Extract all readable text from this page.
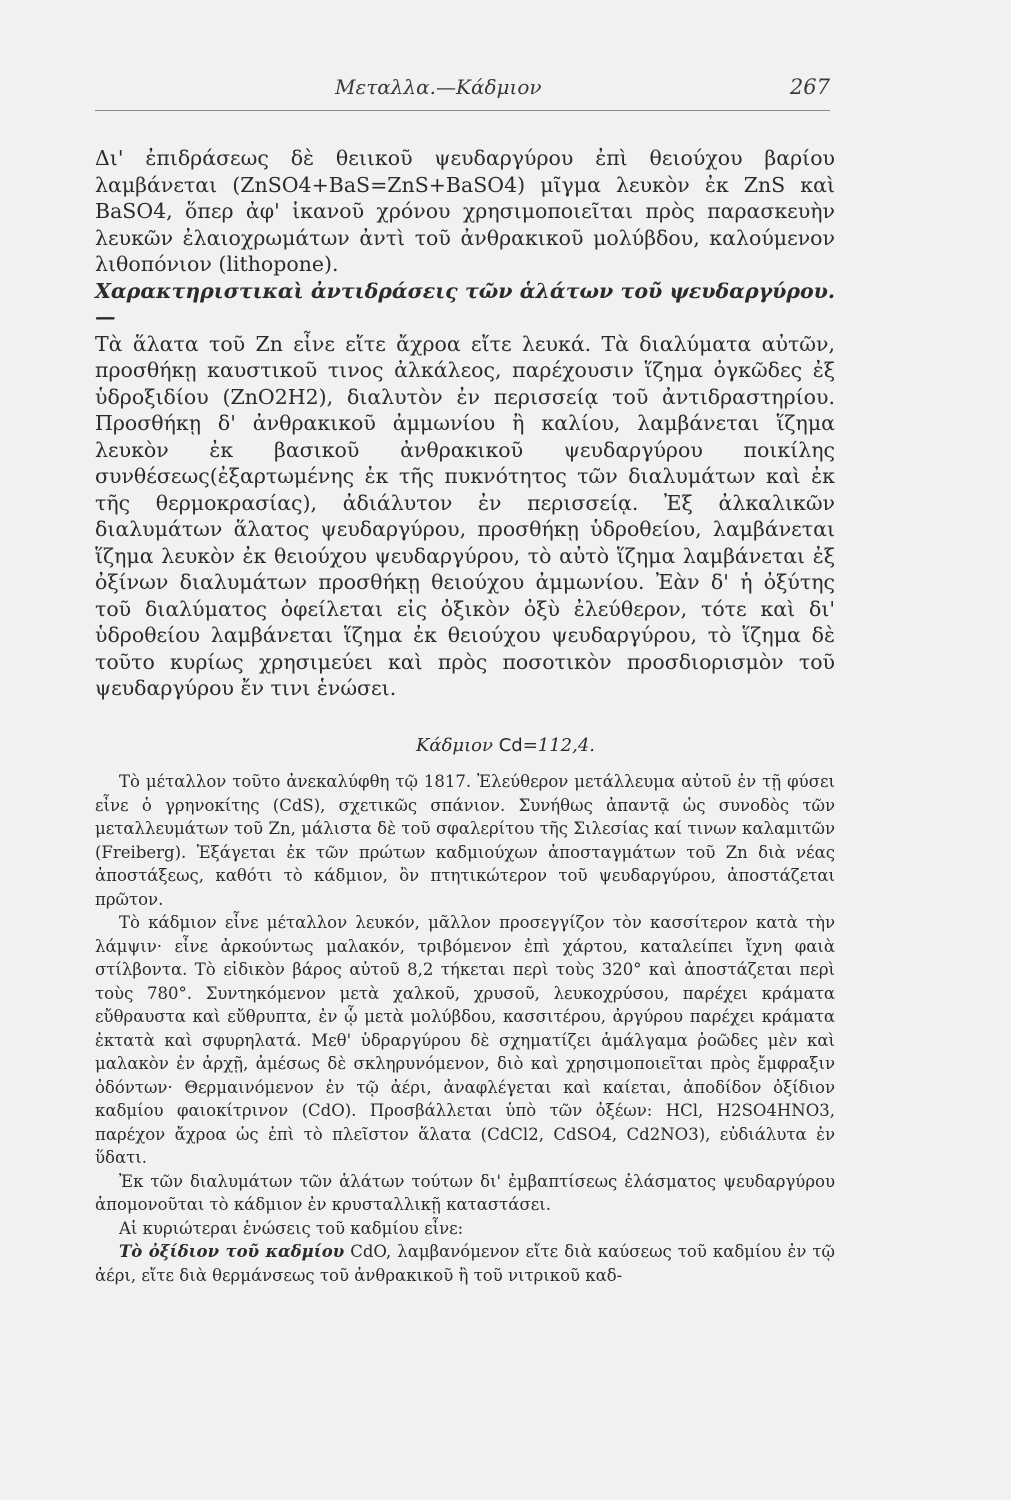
Μεταλλα.—Κάδμιον	267

Δι' ἐπιδράσεως δὲ θειικοῦ ψευδαργύρου ἐπὶ θειούχου βαρίου λαμβάνεται (ZnSO4+BaS=ZnS+BaSO4) μῖγμα λευκὸν ἐκ ZnS καὶ BaSO4, ὅπερ ἀφ' ἱκανοῦ χρόνου χρησιμοποιεῖται πρὸς παρασκευὴν λευκῶν ἐλαιοχρωμάτων ἀντὶ τοῦ ἀνθρακικοῦ μολύβδου, καλούμενον λιθοπόνιον (lithopone).

Χαρακτηριστικαὶ ἀντιδράσεις τῶν ἁλάτων τοῦ ψευδαργύρου.—

Τὰ ἅλατα τοῦ Zn εἶνε εἴτε ἄχροα εἴτε λευκά. Τὰ διαλύματα αὐτῶν, προσθήκῃ καυστικοῦ τινος ἀλκάλεος, παρέχουσιν ἵζημα ὀγκῶδες ἐξ ὑδροξιδίου (ZnO2H2), διαλυτὸν ἐν περισσείᾳ τοῦ ἀντιδραστηρίου. Προσθήκῃ δ' ἀνθρακικοῦ ἀμμωνίου ἢ καλίου, λαμβάνεται ἵζημα λευκὸν ἐκ βασικοῦ ἀνθρακικοῦ ψευδαργύρου ποικίλης συνθέσεως(ἐξαρτωμένης ἐκ τῆς πυκνότητος τῶν διαλυμάτων καὶ ἐκ τῆς θερμοκρασίας), ἀδιάλυτον ἐν περισσείᾳ. Ἐξ ἀλκαλικῶν διαλυμάτων ἅλατος ψευδαργύρου, προσθήκῃ ὑδροθείου, λαμβάνεται ἵζημα λευκὸν ἐκ θειούχου ψευδαργύρου, τὸ αὐτὸ ἵζημα λαμβάνεται ἐξ ὀξίνων διαλυμάτων προσθήκῃ θειούχου ἀμμωνίου. Ἐὰν δ' ἡ ὀξύτης τοῦ διαλύματος ὀφείλεται εἰς ὀξικὸν ὀξὺ ἐλεύθερον, τότε καὶ δι' ὑδροθείου λαμβάνεται ἵζημα ἐκ θειούχου ψευδαργύρου, τὸ ἵζημα δὲ τοῦτο κυρίως χρησιμεύει καὶ πρὸς ποσοτικὸν προσδιορισμὸν τοῦ ψευδαργύρου ἔν τινι ἑνώσει.

Κάδμιον Cd=112,4.

Τὸ μέταλλον τοῦτο ἀνεκαλύφθη τῷ 1817. Ἐλεύθερον μετάλλευμα αὐτοῦ ἐν τῇ φύσει εἶνε ὁ γρηνοκίτης (CdS), σχετικῶς σπάνιον. Συνήθως ἀπαντᾷ ὡς συνοδὸς τῶν μεταλλευμάτων τοῦ Zn, μάλιστα δὲ τοῦ σφαλερίτου τῆς Σιλεσίας καί τινων καλαμιτῶν (Freiberg). Ἐξάγεται ἐκ τῶν πρώτων καδμιούχων ἀποσταγμάτων τοῦ Zn διὰ νέας ἀποστάξεως, καθότι τὸ κάδμιον, ὂν πτητικώτερον τοῦ ψευδαργύρου, ἀποστάζεται πρῶτον.

Τὸ κάδμιον εἶνε μέταλλον λευκόν, μᾶλλον προσεγγίζον τὸν κασσίτερον κατὰ τὴν λάμψιν· εἶνε ἀρκούντως μαλακόν, τριβόμενον ἐπὶ χάρτου, καταλείπει ἴχνη φαιὰ στίλβοντα. Τὸ εἰδικὸν βάρος αὐτοῦ 8,2 τήκεται περὶ τοὺς 320° καὶ ἀποστάζεται περὶ τοὺς 780°. Συντηκόμενον μετὰ χαλκοῦ, χρυσοῦ, λευκοχρύσου, παρέχει κράματα εὔθραυστα καὶ εὔθρυπτα, ἐν ᾧ μετὰ μολύβδου, κασσιτέρου, ἀργύρου παρέχει κράματα ἐκτατὰ καὶ σφυρηλατά. Μεθ' ὑδραργύρου δὲ σχηματίζει ἀμάλγαμα ῥοῶδες μὲν καὶ μαλακὸν ἐν ἀρχῇ, ἀμέσως δὲ σκληρυνόμενον, διὸ καὶ χρησιμοποιεῖται πρὸς ἔμφραξιν ὀδόντων· Θερμαινόμενον ἐν τῷ ἀέρι, ἀναφλέγεται καὶ καίεται, ἀποδίδον ὀξίδιον καδμίου φαιοκίτρινον (CdO). Προσβάλλεται ὑπὸ τῶν ὀξέων: HCl, H2SO4HNO3, παρέχον ἄχροα ὡς ἐπὶ τὸ πλεῖστον ἅλατα (CdCl2, CdSO4, Cd2NO3), εὐδιάλυτα ἐν ὕδατι.

Ἐκ τῶν διαλυμάτων τῶν ἁλάτων τούτων δι' ἐμβαπτίσεως ἐλάσματος ψευδαργύρου ἀπομονοῦται τὸ κάδμιον ἐν κρυσταλλικῇ καταστάσει.

Αἱ κυριώτεραι ἑνώσεις τοῦ καδμίου εἶνε:

Τὸ ὀξίδιον τοῦ καδμίου CdO, λαμβανόμενον εἴτε διὰ καύσεως τοῦ καδμίου ἐν τῷ ἀέρι, εἴτε διὰ θερμάνσεως τοῦ ἀνθρακικοῦ ἢ τοῦ νιτρικοῦ καδ-
